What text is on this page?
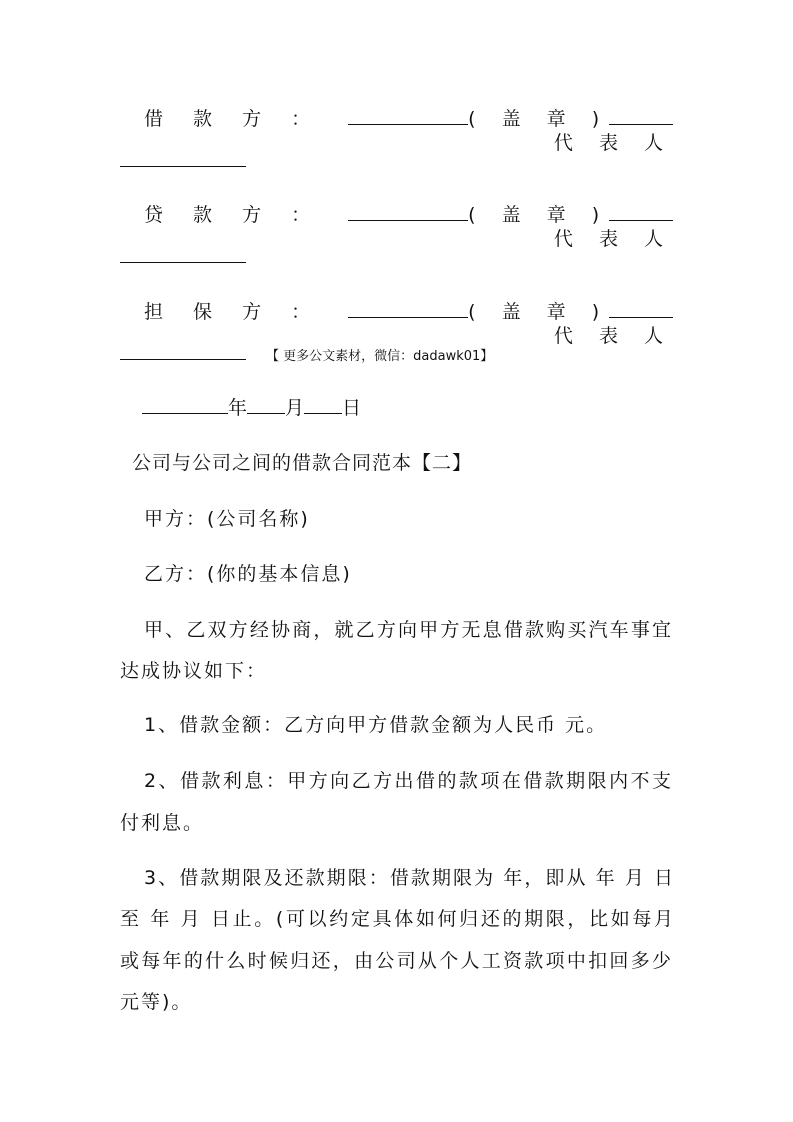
借 款 方 ：	( 盖 章 )
代 表 人

贷 款 方 ：	( 盖 章 )
代 表 人

担 保 方 ：	( 盖 章 )
代 表 人

【 更多公文素材，微信：dadawk01】

年 月 日

公司与公司之间的借款合同范本【二】

甲方：(公司名称)

乙方：(你的基本信息)

甲、乙双方经协商，就乙方向甲方无息借款购买汽车事宜

达成协议如下：

1、借款金额：乙方向甲方借款金额为人民币 元。

2、借款利息：甲方向乙方出借的款项在借款期限内不支

付利息。

3、借款期限及还款期限：借款期限为 年，即从 年 月 日

至 年 月 日止。(可以约定具体如何归还的期限，比如每月

或每年的什么时候归还，由公司从个人工资款项中扣回多少

元等)。
